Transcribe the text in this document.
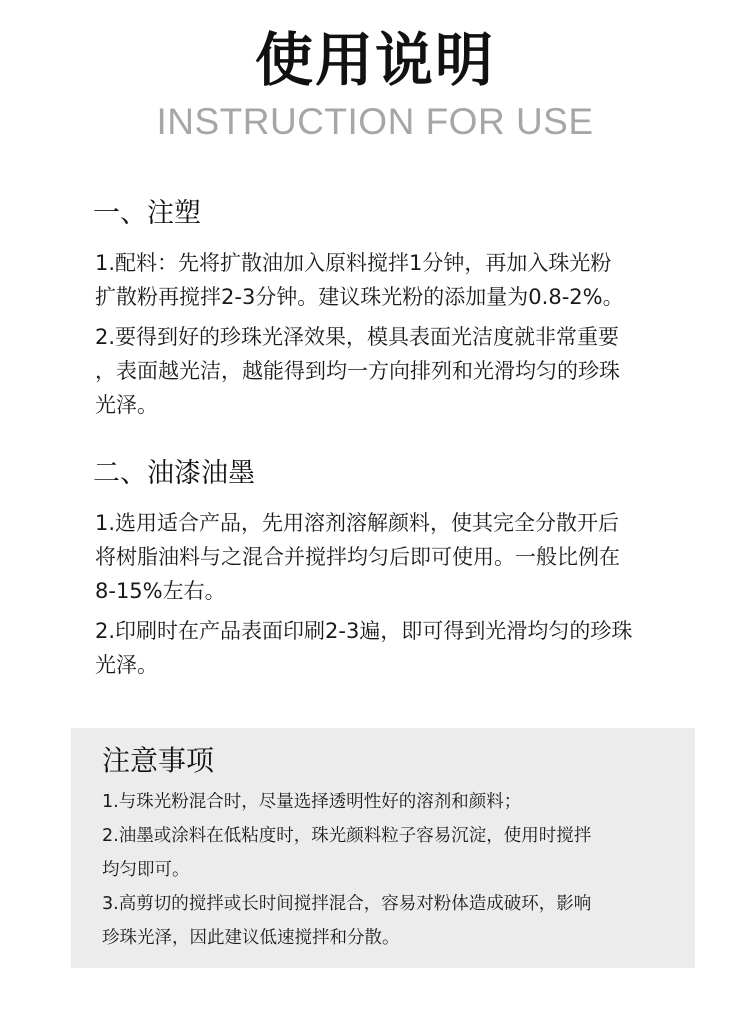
使用说明
INSTRUCTION FOR USE
一、注塑
1.配料：先将扩散油加入原料搅拌1分钟，再加入珠光粉
扩散粉再搅拌2-3分钟。建议珠光粉的添加量为0.8-2%。
2.要得到好的珍珠光泽效果，模具表面光洁度就非常重要
，表面越光洁，越能得到均一方向排列和光滑均匀的珍珠
光泽。
二、油漆油墨
1.选用适合产品，先用溶剂溶解颜料，使其完全分散开后
将树脂油料与之混合并搅拌均匀后即可使用。一般比例在
8-15%左右。
2.印刷时在产品表面印刷2-3遍，即可得到光滑均匀的珍珠
光泽。
注意事项
1.与珠光粉混合时，尽量选择透明性好的溶剂和颜料；
2.油墨或涂料在低粘度时，珠光颜料粒子容易沉淀，使用时搅拌
均匀即可。
3.高剪切的搅拌或长时间搅拌混合，容易对粉体造成破环，影响
珍珠光泽，因此建议低速搅拌和分散。
